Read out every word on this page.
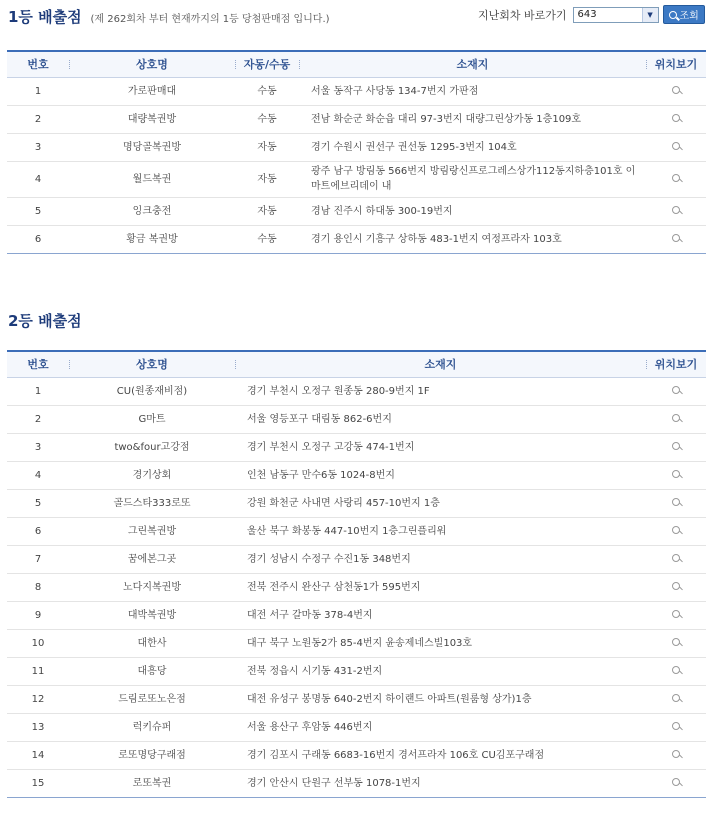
1등 배출점 (제 262회차 부터 현재까지의 1등 당첨판매점 입니다.)	지난회차 바로가기	643	▼	조회
번호	상호명	자동/수동	소재지	위치보기
1	가로판매대	수동	서울 동작구 사당동 134-7번지 가판점	
2	대량복권방	수동	전남 화순군 화순읍 대리 97-3번지 대량그린상가동 1층109호	
3	명당골복권방	자동	경기 수원시 권선구 권선동 1295-3번지 104호	
4	월드복권	자동	광주 남구 방림동 566번지 방림랑신프로그레스상가112동지하층101호 이마트에브리데이 내	
5	잉크충전	자동	경남 진주시 하대동 300-19번지	
6	황금 복권방	수동	경기 용인시 기흥구 상하동 483-1번지 여정프라자 103호	
2등 배출점
번호	상호명	소재지	위치보기
1	CU(원종재비점)	경기 부천시 오정구 원종동 280-9번지 1F	
2	G마트	서울 영등포구 대림동 862-6번지	
3	two&four고강점	경기 부천시 오정구 고강동 474-1번지	
4	경기상회	인천 남동구 만수6동 1024-8번지	
5	골드스타333로또	강원 화천군 사내면 사랑리 457-10번지 1층	
6	그린복권방	울산 북구 화봉동 447-10번지 1층그린플리워	
7	꿈에본그곳	경기 성남시 수정구 수진1동 348번지	
8	노다지복권방	전북 전주시 완산구 삼천동1가 595번지	
9	대박복권방	대전 서구 갈마동 378-4번지	
10	대한사	대구 북구 노원동2가 85-4번지 윤송제네스빌103호	
11	대흥당	전북 정읍시 시기동 431-2번지	
12	드림로또노은점	대전 유성구 봉명동 640-2번지 하이랜드 아파트(원룸형 상가)1층	
13	럭키슈퍼	서울 용산구 후암동 446번지	
14	로또명당구래점	경기 김포시 구래동 6683-16번지 경서프라자 106호 CU김포구래점	
15	로또복권	경기 안산시 단원구 선부동 1078-1번지	
